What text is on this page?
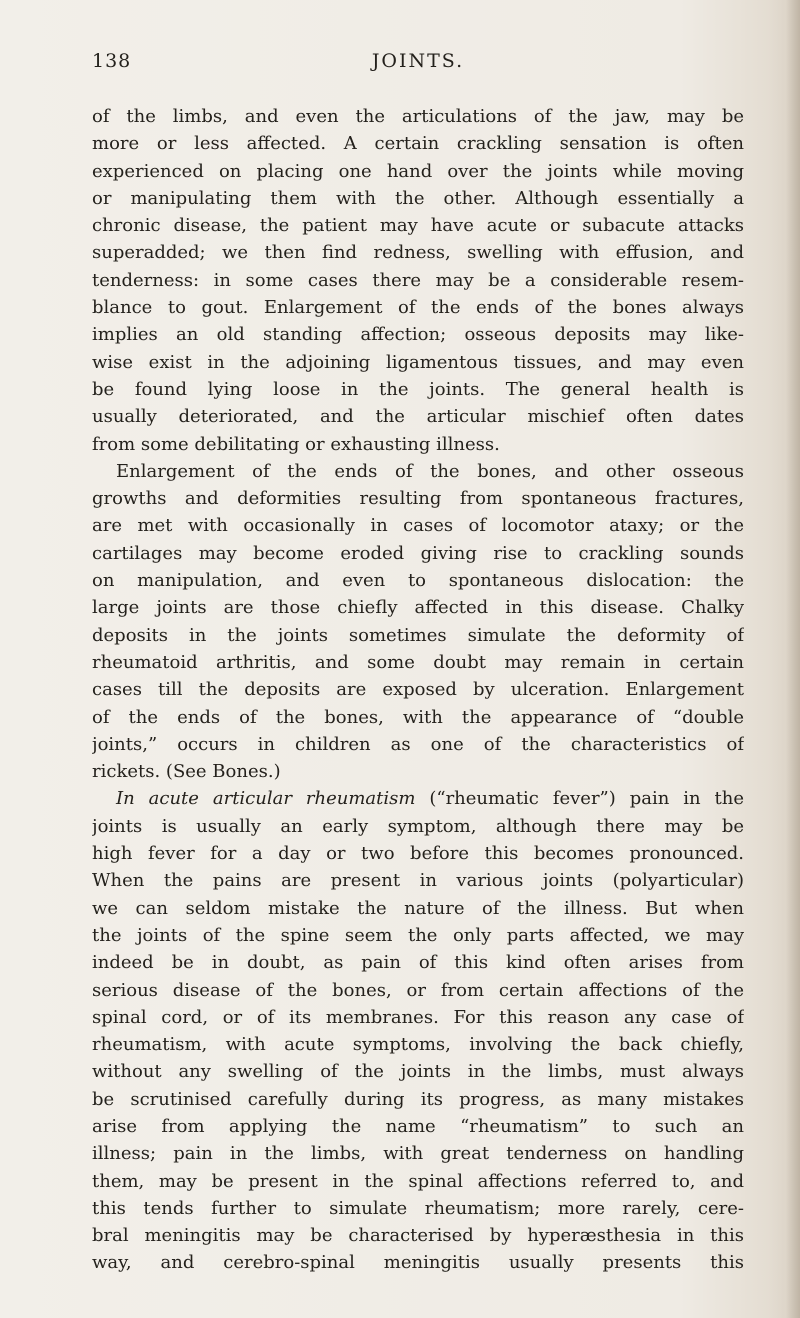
138	JOINTS.
of the limbs, and even the articulations of the jaw, may be
more or less affected. A certain crackling sensation is often
experienced on placing one hand over the joints while moving
or manipulating them with the other. Although essentially a
chronic disease, the patient may have acute or subacute attacks
superadded; we then find redness, swelling with effusion, and
tenderness: in some cases there may be a considerable resem-
blance to gout. Enlargement of the ends of the bones always
implies an old standing affection; osseous deposits may like-
wise exist in the adjoining ligamentous tissues, and may even
be found lying loose in the joints. The general health is
usually deteriorated, and the articular mischief often dates
from some debilitating or exhausting illness.
Enlargement of the ends of the bones, and other osseous
growths and deformities resulting from spontaneous fractures,
are met with occasionally in cases of locomotor ataxy; or the
cartilages may become eroded giving rise to crackling sounds
on manipulation, and even to spontaneous dislocation: the
large joints are those chiefly affected in this disease. Chalky
deposits in the joints sometimes simulate the deformity of
rheumatoid arthritis, and some doubt may remain in certain
cases till the deposits are exposed by ulceration. Enlargement
of the ends of the bones, with the appearance of “double
joints,” occurs in children as one of the characteristics of
rickets. (See Bones.)
In acute articular rheumatism (“rheumatic fever”) pain in the
joints is usually an early symptom, although there may be
high fever for a day or two before this becomes pronounced.
When the pains are present in various joints (polyarticular)
we can seldom mistake the nature of the illness. But when
the joints of the spine seem the only parts affected, we may
indeed be in doubt, as pain of this kind often arises from
serious disease of the bones, or from certain affections of the
spinal cord, or of its membranes. For this reason any case of
rheumatism, with acute symptoms, involving the back chiefly,
without any swelling of the joints in the limbs, must always
be scrutinised carefully during its progress, as many mistakes
arise from applying the name “rheumatism” to such an
illness; pain in the limbs, with great tenderness on handling
them, may be present in the spinal affections referred to, and
this tends further to simulate rheumatism; more rarely, cere-
bral meningitis may be characterised by hyperæsthesia in this
way, and cerebro-spinal meningitis usually presents this
